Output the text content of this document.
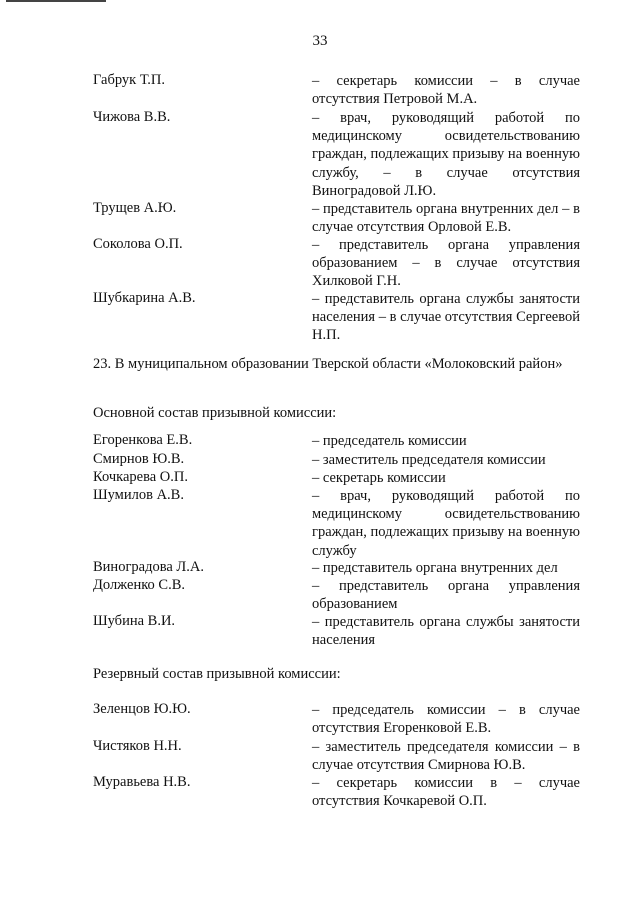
33
Габрук Т.П.	– секретарь комиссии – в случае отсутствия Петровой М.А.
Чижова В.В.	– врач, руководящий работой по медицинскому освидетельствованию граждан, подлежащих призыву на военную службу, – в случае отсутствия Виноградовой Л.Ю.
Трущев А.Ю.	– представитель органа внутренних дел – в случае отсутствия Орловой Е.В.
Соколова О.П.	– представитель органа управления образованием – в случае отсутствия Хилковой Г.Н.
Шубкарина А.В.	– представитель органа службы занятости населения – в случае отсутствия Сергеевой Н.П.
23. В муниципальном образовании Тверской области «Молоковский район»
Основной состав призывной комиссии:
Егоренкова Е.В.	– председатель комиссии
Смирнов Ю.В.	– заместитель председателя комиссии
Кочкарева О.П.	– секретарь комиссии
Шумилов А.В.	– врач, руководящий работой по медицинскому освидетельствованию граждан, подлежащих призыву на военную службу
Виноградова Л.А.	– представитель органа внутренних дел
Долженко С.В.	– представитель органа управления образованием
Шубина В.И.	– представитель органа службы занятости населения
Резервный состав призывной комиссии:
Зеленцов Ю.Ю.	– председатель комиссии – в случае отсутствия Егоренковой Е.В.
Чистяков Н.Н.	– заместитель председателя комиссии – в случае отсутствия Смирнова Ю.В.
Муравьева Н.В.	– секретарь комиссии в – случае отсутствия Кочкаревой О.П.
